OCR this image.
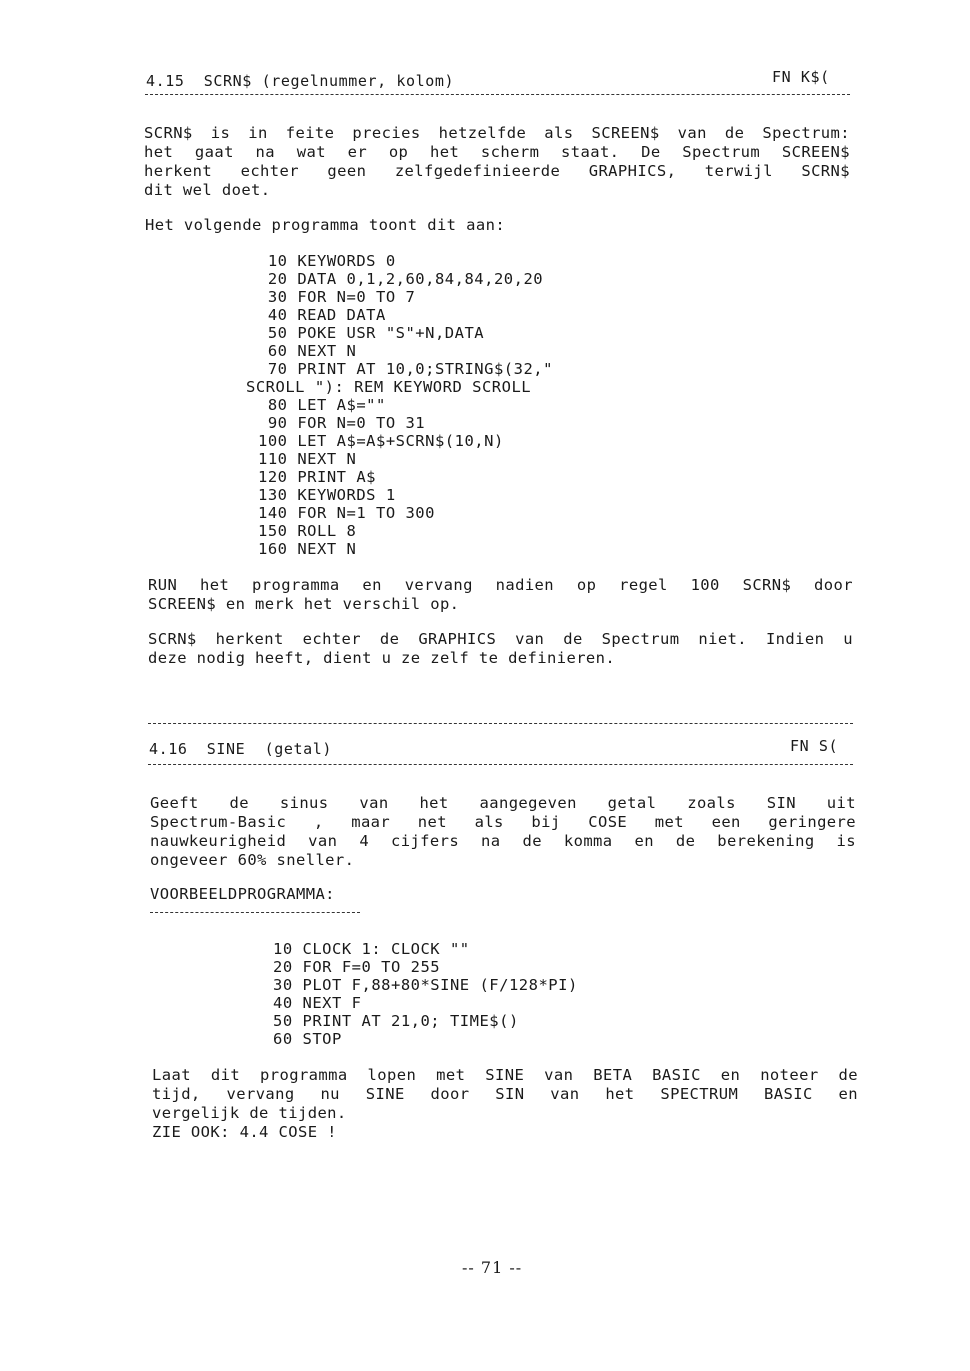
4.15  SCRN$ (regelnummer, kolom)	FN K$(

SCRN$ is in feite precies hetzelfde als SCREEN$ van de Spectrum:

het gaat na wat er op het scherm staat. De Spectrum SCREEN$

herkent echter geen zelfgedefinieerde GRAPHICS, terwijl SCRN$

dit wel doet.

Het volgende programma toont dit aan:

10 KEYWORDS 0

20 DATA 0,1,2,60,84,84,20,20

30 FOR N=0 TO 7

40 READ DATA

50 POKE USR "S"+N,DATA

60 NEXT N

70 PRINT AT 10,0;STRING$(32,"

SCROLL "): REM KEYWORD SCROLL

80 LET A$=""

90 FOR N=0 TO 31

100 LET A$=A$+SCRN$(10,N)

110 NEXT N

120 PRINT A$

130 KEYWORDS 1

140 FOR N=1 TO 300

150 ROLL 8

160 NEXT N

RUN het programma en vervang nadien op regel 100 SCRN$ door

SCREEN$ en merk het verschil op.

SCRN$ herkent echter de GRAPHICS van de Spectrum niet. Indien u

deze nodig heeft, dient u ze zelf te definieren.

4.16  SINE  (getal)	FN S(

Geeft de sinus van het aangegeven getal zoals SIN uit

Spectrum-Basic , maar net als bij COSE met een geringere

nauwkeurigheid van 4 cijfers na de komma en de berekening is

ongeveer 60% sneller.

VOORBEELDPROGRAMMA:

10 CLOCK 1: CLOCK ""

20 FOR F=0 TO 255

30 PLOT F,88+80*SINE (F/128*PI)

40 NEXT F

50 PRINT AT 21,0; TIME$()

60 STOP

Laat dit programma lopen met SINE van BETA BASIC en noteer de

tijd, vervang nu SINE door SIN van het SPECTRUM BASIC en

vergelijk de tijden.

ZIE OOK: 4.4 COSE !

-- 71 --
